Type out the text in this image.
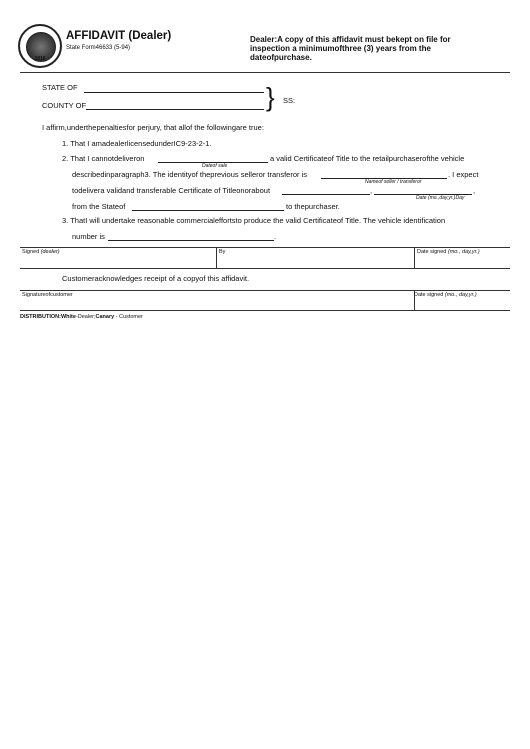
1816
AFFIDAVIT (Dealer)
State Form46633 (5-94)
Dealer:A copy of this affidavit must bekept on file for inspection a minimumofthree (3) years from the dateofpurchase.
STATE OF
COUNTY OF	} SS:
I affirm,underthepenaltiesfor perjury, that allof the followingare true:
1. That I amadealerlicensedunderIC9-23-2-1.
2. That I cannotdeliveron	a valid Certificateof Title to the retailpurchaserofthe vehicle
Dateof sale
describedinparagraph3. The identityof theprevious selleror transferor is	. I expect
Nameof seller / transferor
todelivera validand transferable Certificate of Titleonorabout	,	,
Date (mo.,day,yr.)Day
from the Stateof	to thepurchaser.
3. ThatI will undertake reasonable commercialeffortsto produce the valid Certificateof Title. The vehicle identification
number is	.
Signed (dealer)	By	Date signed (mo., day,yr.)
Customeracknowledges receipt of a copyof this affidavit.
Signatureofcustomer	Date signed (mo., day,yr.)
DISTRIBUTION:White-Dealer;Canary - Customer
